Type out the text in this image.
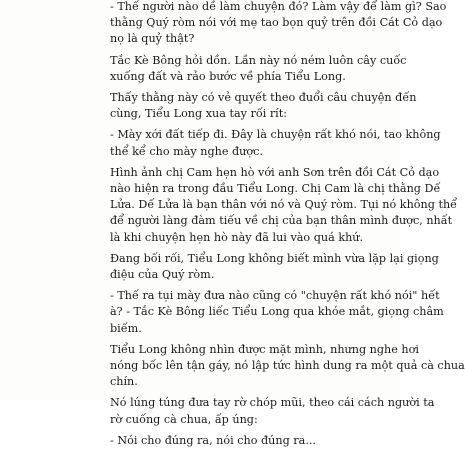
- Thế người nào dề làm chuyện đó? Làm vậy để làm gì? Sao
thằng Quý ròm nói với mẹ tao bọn quỷ trên đồi Cát Cỏ dạo
nọ là quỷ thật?

Tắc Kè Bông hỏi dồn. Lần này nó ném luôn cây cuốc
xuống đất và rảo bước về phía Tiểu Long.

Thấy thằng này có vẻ quyết theo đuổi câu chuyện đến
cùng, Tiểu Long xua tay rối rít:

- Mày xới đất tiếp đi. Đây là chuyện rất khó nói, tao không
thể kể cho mày nghe được.

Hình ảnh chị Cam hẹn hò với anh Sơn trên đồi Cát Cỏ dạo
nào hiện ra trong đầu Tiểu Long. Chị Cam là chị thằng Dế
Lửa. Dế Lửa là bạn thân với nó và Quý ròm. Tụi nó không thể
để người làng đàm tiếu về chị của bạn thân mình được, nhất
là khi chuyện hẹn hò này đã lui vào quá khứ.

Đang bối rối, Tiểu Long không biết mình vừa lặp lại giọng
điệu của Quý ròm.

- Thế ra tụi mày đưa nào cũng có "chuyện rất khó nói" hết
à? - Tắc Kè Bông liếc Tiểu Long qua khóe mắt, giọng châm
biếm.

Tiểu Long không nhìn được mặt mình, nhưng nghe hơi
nóng bốc lên tận gáy, nó lập tức hình dung ra một quả cà chua
chín.

Nó lúng túng đưa tay rờ chóp mũi, theo cái cách người ta
rờ cuống cà chua, ấp úng:

- Nói cho đúng ra, nói cho đúng ra...
